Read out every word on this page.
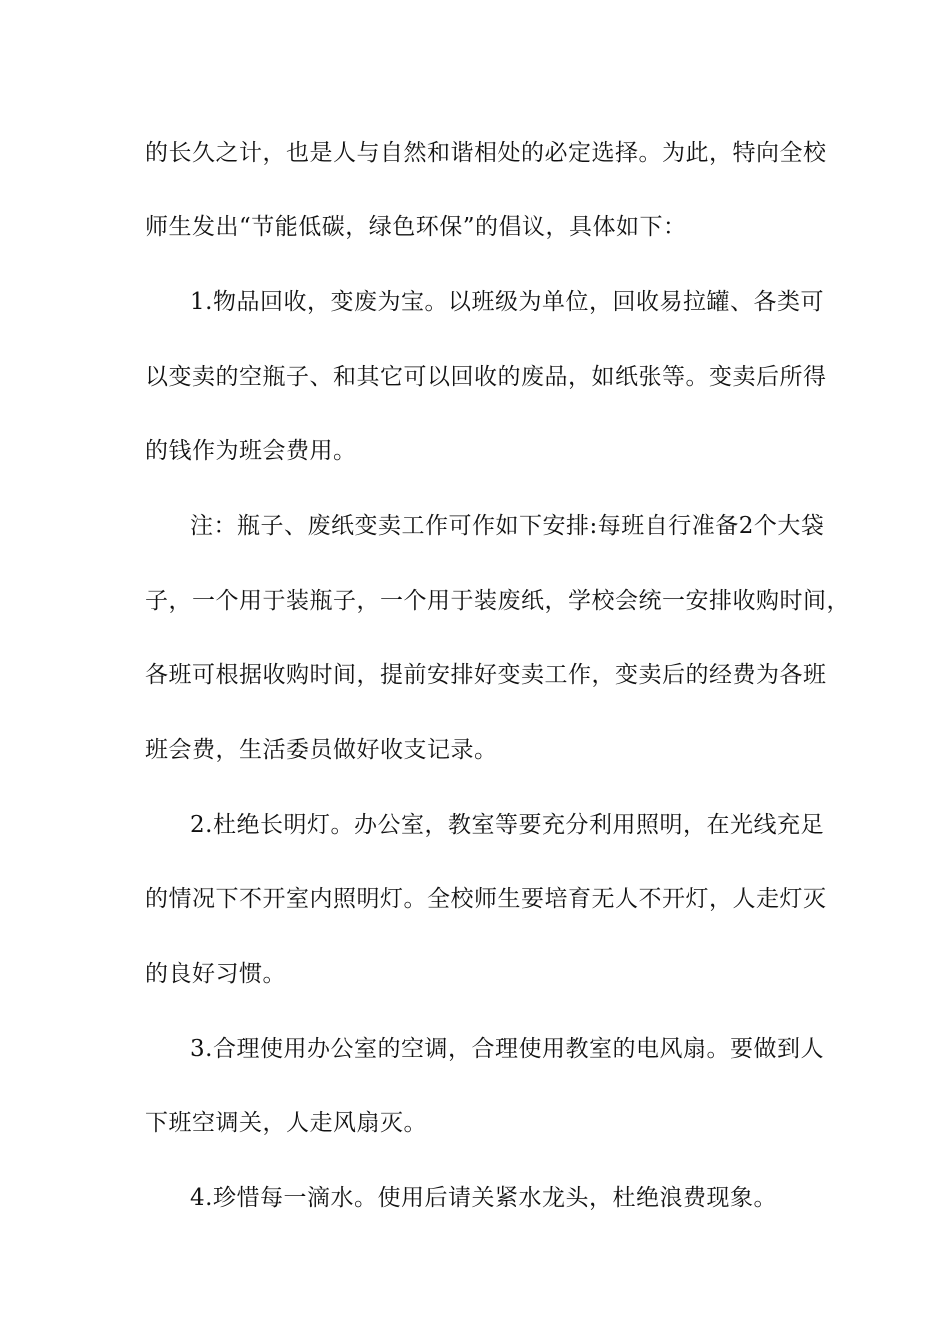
的长久之计，也是人与自然和谐相处的必定选择。为此，特向全校
师生发出“节能低碳，绿色环保”的倡议，具体如下：
1.物品回收，变废为宝。以班级为单位，回收易拉罐、各类可
以变卖的空瓶子、和其它可以回收的废品，如纸张等。变卖后所得
的钱作为班会费用。
注：瓶子、废纸变卖工作可作如下安排:每班自行准备2个大袋
子，一个用于装瓶子，一个用于装废纸，学校会统一安排收购时间，
各班可根据收购时间，提前安排好变卖工作，变卖后的经费为各班
班会费，生活委员做好收支记录。
2.杜绝长明灯。办公室，教室等要充分利用照明，在光线充足
的情况下不开室内照明灯。全校师生要培育无人不开灯，人走灯灭
的良好习惯。
3.合理使用办公室的空调，合理使用教室的电风扇。要做到人
下班空调关，人走风扇灭。
4.珍惜每一滴水。使用后请关紧水龙头，杜绝浪费现象。
